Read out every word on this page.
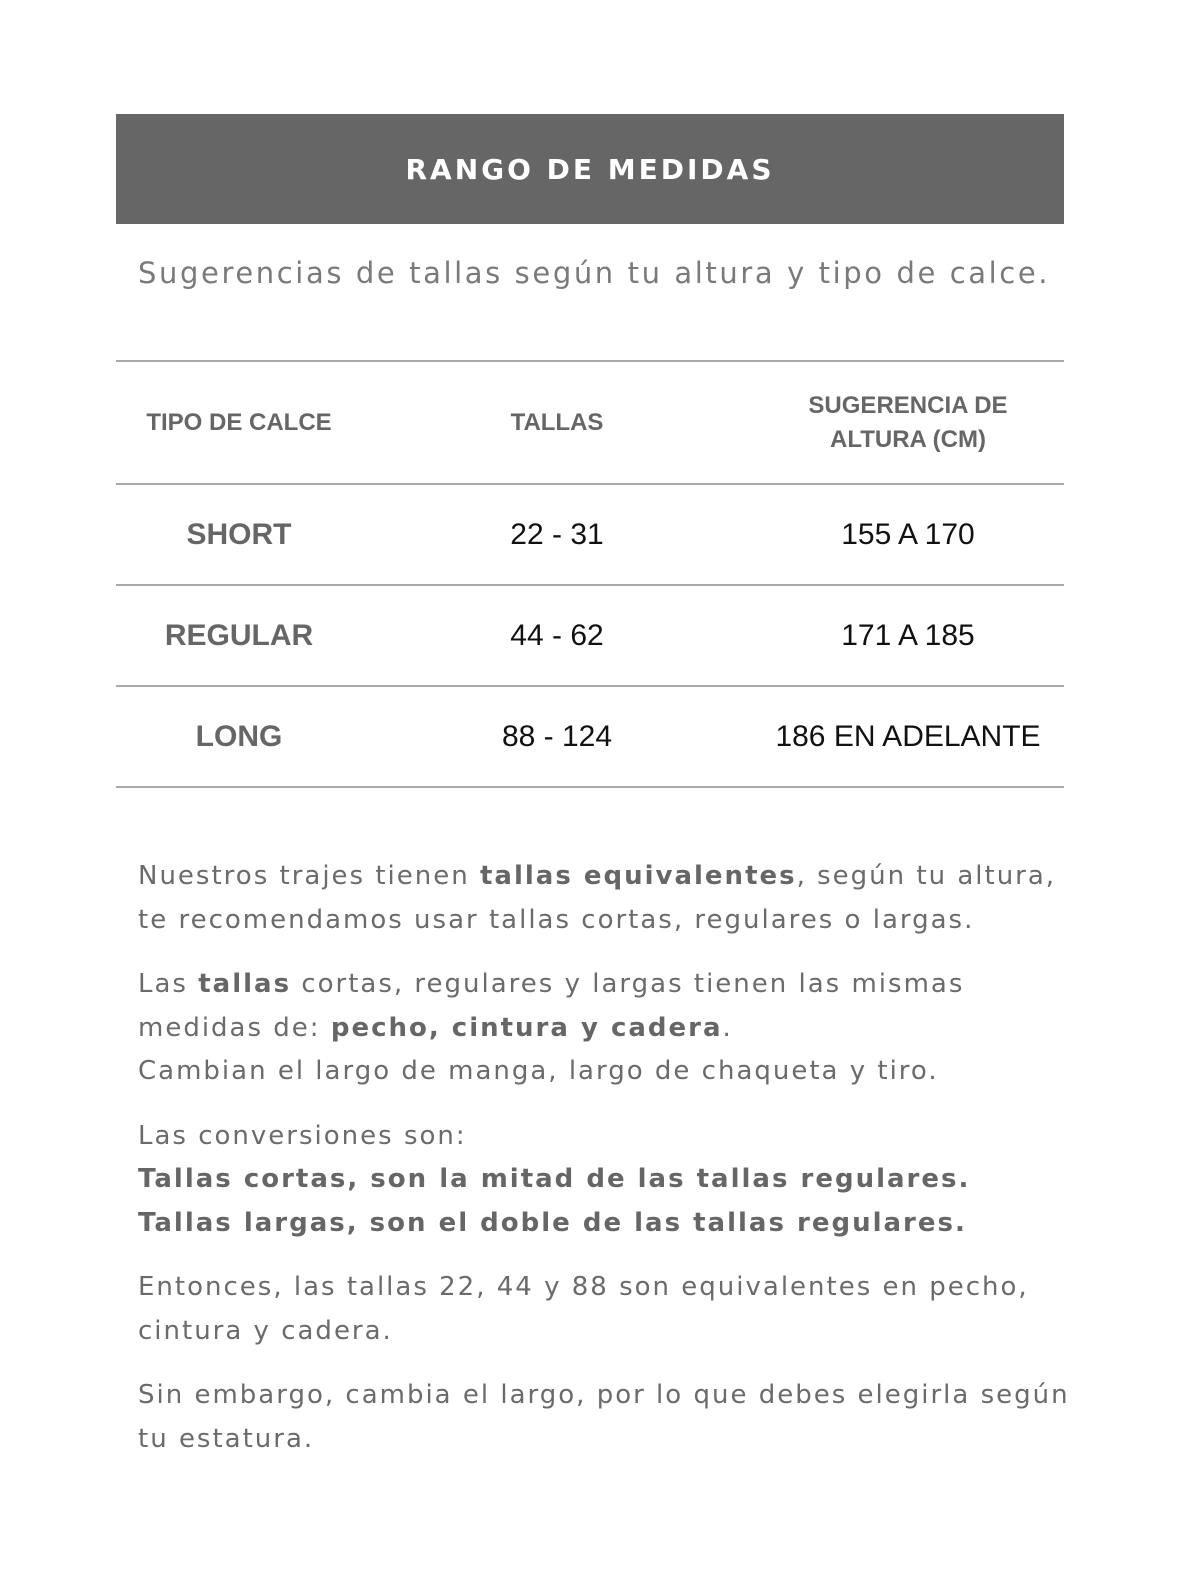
RANGO DE MEDIDAS
Sugerencias de tallas según tu altura y tipo de calce.
TIPO DE CALCE	TALLAS	SUGERENCIA DE
ALTURA (CM)
SHORT	22 - 31	155 A 170
REGULAR	44 - 62	171 A 185
LONG	88 - 124	186 EN ADELANTE

Nuestros trajes tienen tallas equivalentes, según tu altura,
te recomendamos usar tallas cortas, regulares o largas.

Las tallas cortas, regulares y largas tienen las mismas
medidas de: pecho, cintura y cadera.
Cambian el largo de manga, largo de chaqueta y tiro.

Las conversiones son:
Tallas cortas, son la mitad de las tallas regulares.
Tallas largas, son el doble de las tallas regulares.

Entonces, las tallas 22, 44 y 88 son equivalentes en pecho,
cintura y cadera.

Sin embargo, cambia el largo, por lo que debes elegirla según
tu estatura.
